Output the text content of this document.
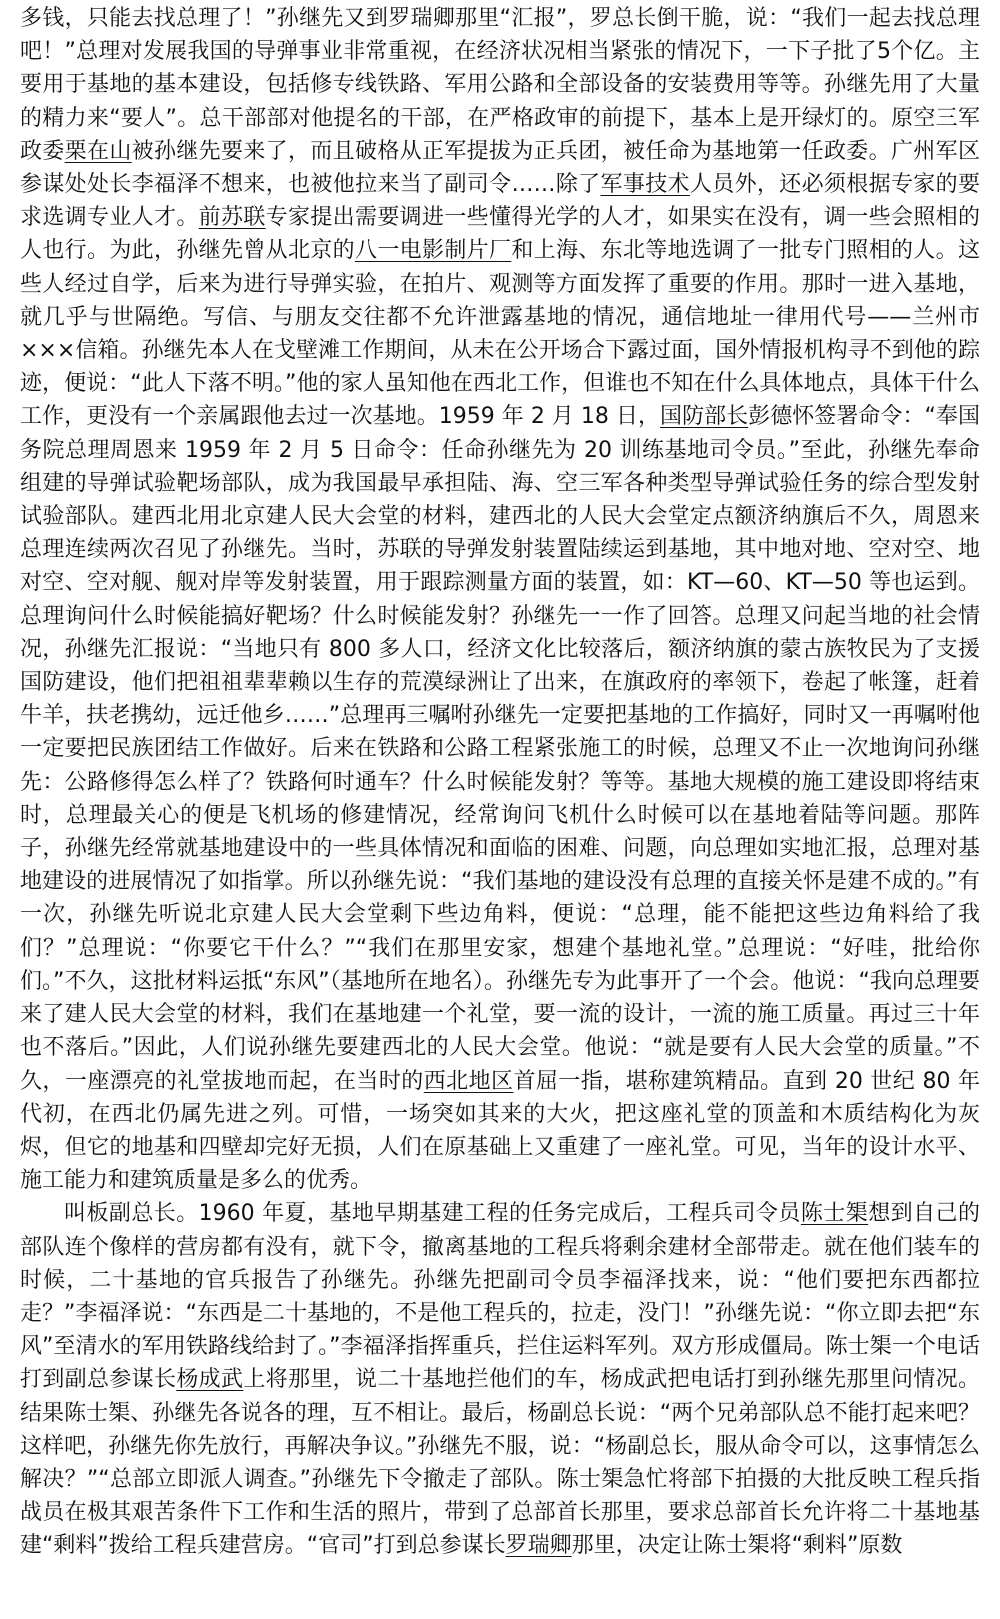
多钱，只能去找总理了！”孙继先又到罗瑞卿那里“汇报”，罗总长倒干脆，说：“我们一起去找总理吧！”总理对发展我国的导弹事业非常重视，在经济状况相当紧张的情况下，一下子批了5个亿。主要用于基地的基本建设，包括修专线铁路、军用公路和全部设备的安装费用等等。孙继先用了大量的精力来“要人”。总干部部对他提名的干部，在严格政审的前提下，基本上是开绿灯的。原空三军政委栗在山被孙继先要来了，而且破格从正军提拔为正兵团，被任命为基地第一任政委。广州军区参谋处处长李福泽不想来，也被他拉来当了副司令……除了军事技术人员外，还必须根据专家的要求选调专业人才。前苏联专家提出需要调进一些懂得光学的人才，如果实在没有，调一些会照相的人也行。为此，孙继先曾从北京的八一电影制片厂和上海、东北等地选调了一批专门照相的人。这些人经过自学，后来为进行导弹实验，在拍片、观测等方面发挥了重要的作用。那时一进入基地，就几乎与世隔绝。写信、与朋友交往都不允许泄露基地的情况，通信地址一律用代号——兰州市×××信箱。孙继先本人在戈壁滩工作期间，从未在公开场合下露过面，国外情报机构寻不到他的踪迹，便说：“此人下落不明。”他的家人虽知他在西北工作，但谁也不知在什么具体地点，具体干什么工作，更没有一个亲属跟他去过一次基地。1959 年 2 月 18 日，国防部长彭德怀签署命令：“奉国务院总理周恩来 1959 年 2 月 5 日命令：任命孙继先为 20 训练基地司令员。”至此，孙继先奉命组建的导弹试验靶场部队，成为我国最早承担陆、海、空三军各种类型导弹试验任务的综合型发射试验部队。建西北用北京建人民大会堂的材料，建西北的人民大会堂定点额济纳旗后不久，周恩来总理连续两次召见了孙继先。当时，苏联的导弹发射装置陆续运到基地，其中地对地、空对空、地对空、空对舰、舰对岸等发射装置，用于跟踪测量方面的装置，如：KT—60、KT—50 等也运到。总理询问什么时候能搞好靶场？什么时候能发射？孙继先一一作了回答。总理又问起当地的社会情况，孙继先汇报说：“当地只有 800 多人口，经济文化比较落后，额济纳旗的蒙古族牧民为了支援国防建设，他们把祖祖辈辈赖以生存的荒漠绿洲让了出来，在旗政府的率领下，卷起了帐篷，赶着牛羊，扶老携幼，远迁他乡……”总理再三嘱咐孙继先一定要把基地的工作搞好，同时又一再嘱咐他一定要把民族团结工作做好。后来在铁路和公路工程紧张施工的时候，总理又不止一次地询问孙继先：公路修得怎么样了？铁路何时通车？什么时候能发射？等等。基地大规模的施工建设即将结束时，总理最关心的便是飞机场的修建情况，经常询问飞机什么时候可以在基地着陆等问题。那阵子，孙继先经常就基地建设中的一些具体情况和面临的困难、问题，向总理如实地汇报，总理对基地建设的进展情况了如指掌。所以孙继先说：“我们基地的建设没有总理的直接关怀是建不成的。”有一次，孙继先听说北京建人民大会堂剩下些边角料，便说：“总理，能不能把这些边角料给了我们？”总理说：“你要它干什么？”“我们在那里安家，想建个基地礼堂。”总理说：“好哇，批给你们。”不久，这批材料运抵“东风”（基地所在地名）。孙继先专为此事开了一个会。他说：“我向总理要来了建人民大会堂的材料，我们在基地建一个礼堂，要一流的设计，一流的施工质量。再过三十年也不落后。”因此，人们说孙继先要建西北的人民大会堂。他说：“就是要有人民大会堂的质量。”不久，一座漂亮的礼堂拔地而起，在当时的西北地区首屈一指，堪称建筑精品。直到 20 世纪 80 年代初，在西北仍属先进之列。可惜，一场突如其来的大火，把这座礼堂的顶盖和木质结构化为灰烬，但它的地基和四壁却完好无损，人们在原基础上又重建了一座礼堂。可见，当年的设计水平、施工能力和建筑质量是多么的优秀。

叫板副总长。1960 年夏，基地早期基建工程的任务完成后，工程兵司令员陈士榘想到自己的部队连个像样的营房都有没有，就下令，撤离基地的工程兵将剩余建材全部带走。就在他们装车的时候，二十基地的官兵报告了孙继先。孙继先把副司令员李福泽找来，说：“他们要把东西都拉走？”李福泽说：“东西是二十基地的，不是他工程兵的，拉走，没门！”孙继先说：“你立即去把“东风”至清水的军用铁路线给封了。”李福泽指挥重兵，拦住运料军列。双方形成僵局。陈士榘一个电话打到副总参谋长杨成武上将那里，说二十基地拦他们的车，杨成武把电话打到孙继先那里问情况。结果陈士榘、孙继先各说各的理，互不相让。最后，杨副总长说：“两个兄弟部队总不能打起来吧？这样吧，孙继先你先放行，再解决争议。”孙继先不服，说：“杨副总长，服从命令可以，这事情怎么解决？”“总部立即派人调查。”孙继先下令撤走了部队。陈士榘急忙将部下拍摄的大批反映工程兵指战员在极其艰苦条件下工作和生活的照片，带到了总部首长那里，要求总部首长允许将二十基地基建“剩料”拨给工程兵建营房。“官司”打到总参谋长罗瑞卿那里，决定让陈士榘将“剩料”原数
